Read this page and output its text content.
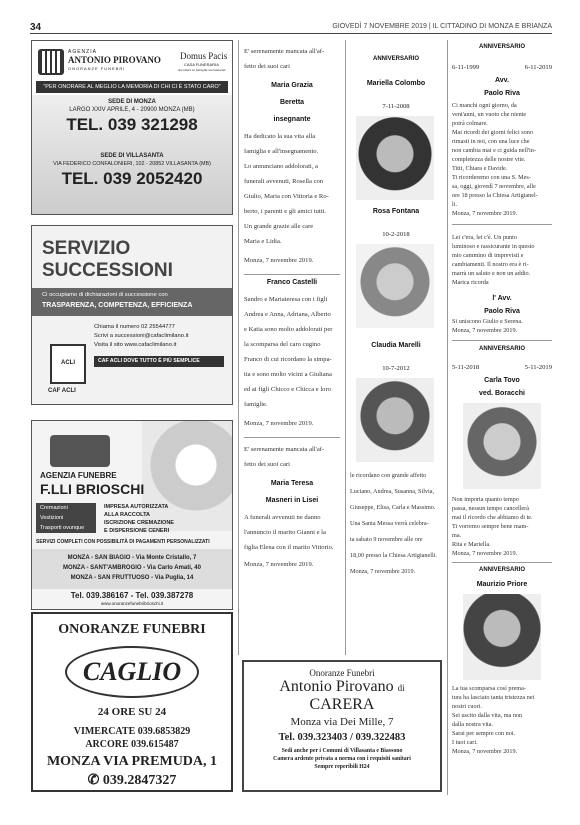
34	GIOVEDÌ 7 NOVEMBRE 2019 | IL CITTADINO DI MONZA E BRIANZA
AGENZIA
ANTONIO PIROVANO
ONORANZE FUNEBRI
Domus Pacis
CASA FUNERARIA
Ascoltare la famiglia serenamente
"PER ONORARE AL MEGLIO LA MEMORIA DI CHI CI È STATO CARO"
SEDE DI MONZA
LARGO XXIV APRILE, 4 - 20900 MONZA (MB)
TEL. 039 321298
SEDE DI VILLASANTA
VIA FEDERICO CONFALONIERI, 102 - 20852 VILLASANTA (MB)
TEL. 039 2052420
SERVIZIO
SUCCESSIONI
Ci occupiamo di dichiarazioni di successione con
TRASPARENZA, COMPETENZA, EFFICIENZA
Chiama il numero 02 25544777
Scrivi a successioni@cafaclimilano.it
Visita il sito www.cafaclimilano.it
ACLI
CAF ACLI
CAF ACLI DOVE TUTTO È PIÙ SEMPLICE
AGENZIA FUNEBRE
F.LLI BRIOSCHI
Cremazioni
Vestizioni
Trasporti ovunque
IMPRESA AUTORIZZATA
ALLA RACCOLTA
ISCRIZIONE CREMAZIONE
E DISPERSIONE CENERI
SERVIZI COMPLETI CON POSSIBILITÀ DI PAGAMENTI PERSONALIZZATI
MONZA - SAN BIAGIO - Via Monte Cristallo, 7
MONZA - SANT'AMBROGIO - Via Carlo Amati, 40
MONZA - SAN FRUTTUOSO - Via Puglia, 14
Tel. 039.386167 - Tel. 039.387278
www.onoranzefunebribrioschi.it
ONORANZE FUNEBRI
CAGLIO
24 ORE SU 24
VIMERCATE 039.6853829
ARCORE 039.615487
MONZA VIA PREMUDA, 1
✆ 039.2847327
E' serenamente mancata all'af-
fetto dei suoi cari
Maria Grazia
Beretta
insegnante
Ha dedicato la sua vita alla
famiglia e all'insegnamento.
Lo annunciano addolorati, a
funerali avvenuti, Rosella con
Giulio, Maria con Vittoria e Ro-
berto, i parenti e gli amici tutti.
Un grande grazie alle care
Maria e Lidia.
Monza, 7 novembre 2019.
Franco Castelli
Sandro e Mariateresa con i figli
Andrea e Anna, Adriana, Alberto
e Katia sono molto addolorati per
la scomparsa del caro cugino
Franco di cui ricordano la simpa-
tia e sono molto vicini a Giuliana
ed ai figli Chicco e Chicca e loro
famiglie.
Monza, 7 novembre 2019.
E' serenamente mancata all'af-
fetto dei suoi cari
Maria Teresa
Masneri in Lisei
A funerali avvenuti ne danno
l'annuncio il marito Gianni e la
figlia Elena con il marito Vittorio.
Monza, 7 novembre 2019.
ANNIVERSARIO
Mariella Colombo
7-11-2008
Rosa Fontana
10-2-2018
Claudia Marelli
10-7-2012
le ricordano con grande affetto
Luciano, Andrea, Susanna, Silvia,
Giuseppe, Elisa, Carla e Massimo.
Una Santa Messa verrà celebra-
ta sabato 9 novembre alle ore
18,00 presso la Chiesa Artigianelli.
Monza, 7 novembre 2019.
Onoranze Funebri
Antonio Pirovano di
CARERA
Monza via Dei Mille, 7
Tel. 039.323403 / 039.322483
Sedi anche per i Comuni di Villasanta e Biassono
Camera ardente privata a norma con i requisiti sanitari
Sempre reperibili H24
ANNIVERSARIO
6-11-1999	6-11-2019
Avv.
Paolo Riva
Ci manchi ogni giorno, da
vent'anni, un vuoto che niente
potrà colmare.
Mai ricordi dei giorni felici sono
rimasti in noi, con una luce che
non cambia mai e ci guida nell'in-
completezza delle nostre vite.
Titti, Chiara e Davide.
Ti ricorderemo con una S. Mes-
sa, oggi, giovedì 7 novembre, alle
ore 18 presso la Chiesa Artigianel-
li.
Monza, 7 novembre 2019.
Lei c'era, lei c'è. Un punto
luminoso e rassicurante in questo
mio cammino di imprevisti e
cambiamenti. Il nostro era è ri-
marrà un saluto e non un addio.
Marica ricorda
l' Avv.
Paolo Riva
Si uniscono Giulio e Serena.
Monza, 7 novembre 2019.
ANNIVERSARIO
5-11-2018	5-11-2019
Carla Tovo
ved. Boracchi
Non importa quanto tempo
passa, nessun tempo cancellerà
mai il ricordo che abbiamo di te.
Ti vorremo sempre bene mam-
ma.
Rita e Mariella.
Monza, 7 novembre 2019.
ANNIVERSARIO
Maurizio Priore
La tua scomparsa così prema-
tura ha lasciato tanta tristezza nei
nostri cuori.
Sei uscito dalla vita, ma non
dalla nostra vita.
Sarai per sempre con noi.
I tuoi cari.
Monza, 7 novembre 2019.
